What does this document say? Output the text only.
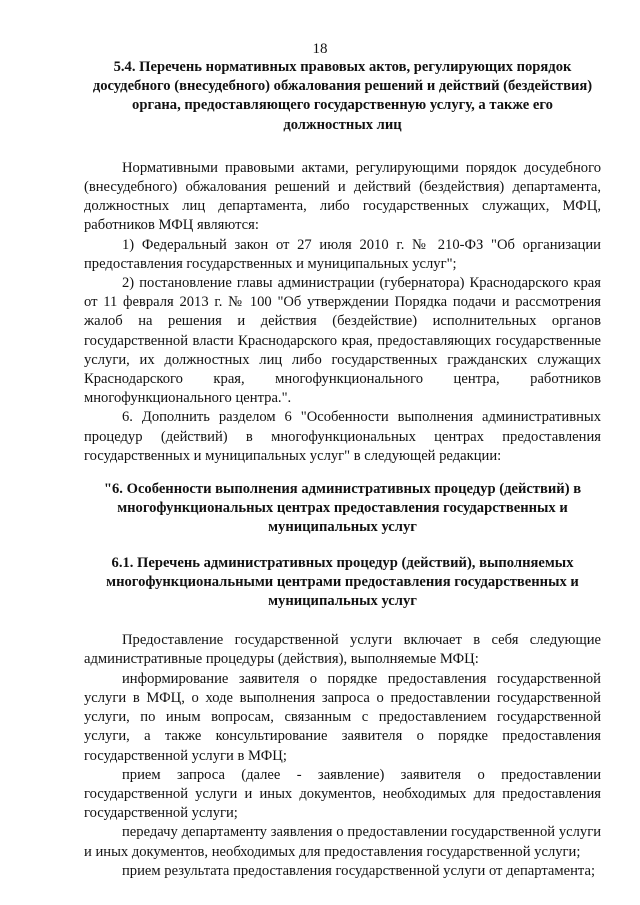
18

5.4. Перечень нормативных правовых актов, регулирующих порядок досудебного (внесудебного) обжалования решений и действий (бездействия) органа, предоставляющего государственную услугу, а также его должностных лиц

Нормативными правовыми актами, регулирующими порядок досудебного (внесудебного) обжалования решений и действий (бездействия) департамента, должностных лиц департамента, либо государственных служащих, МФЦ, работников МФЦ являются:

1) Федеральный закон от 27 июля 2010 г. № 210-ФЗ "Об организации предоставления государственных и муниципальных услуг";

2) постановление главы администрации (губернатора) Краснодарского края от 11 февраля 2013 г. № 100 "Об утверждении Порядка подачи и рассмотрения жалоб на решения и действия (бездействие) исполнительных органов государственной власти Краснодарского края, предоставляющих государственные услуги, их должностных лиц либо государственных гражданских служащих Краснодарского края, многофункционального центра, работников многофункционального центра.".

6. Дополнить разделом 6 "Особенности выполнения административных процедур (действий) в многофункциональных центрах предоставления государственных и муниципальных услуг" в следующей редакции:

"6. Особенности выполнения административных процедур (действий) в многофункциональных центрах предоставления государственных и муниципальных услуг

6.1. Перечень административных процедур (действий), выполняемых многофункциональными центрами предоставления государственных и муниципальных услуг

Предоставление государственной услуги включает в себя следующие административные процедуры (действия), выполняемые МФЦ:

информирование заявителя о порядке предоставления государственной услуги в МФЦ, о ходе выполнения запроса о предоставлении государственной услуги, по иным вопросам, связанным с предоставлением государственной услуги, а также консультирование заявителя о порядке предоставления государственной услуги в МФЦ;

прием запроса (далее - заявление) заявителя о предоставлении государственной услуги и иных документов, необходимых для предоставления государственной услуги;

передачу департаменту заявления о предоставлении государственной услуги и иных документов, необходимых для предоставления государственной услуги;

прием результата предоставления государственной услуги от департамента;
